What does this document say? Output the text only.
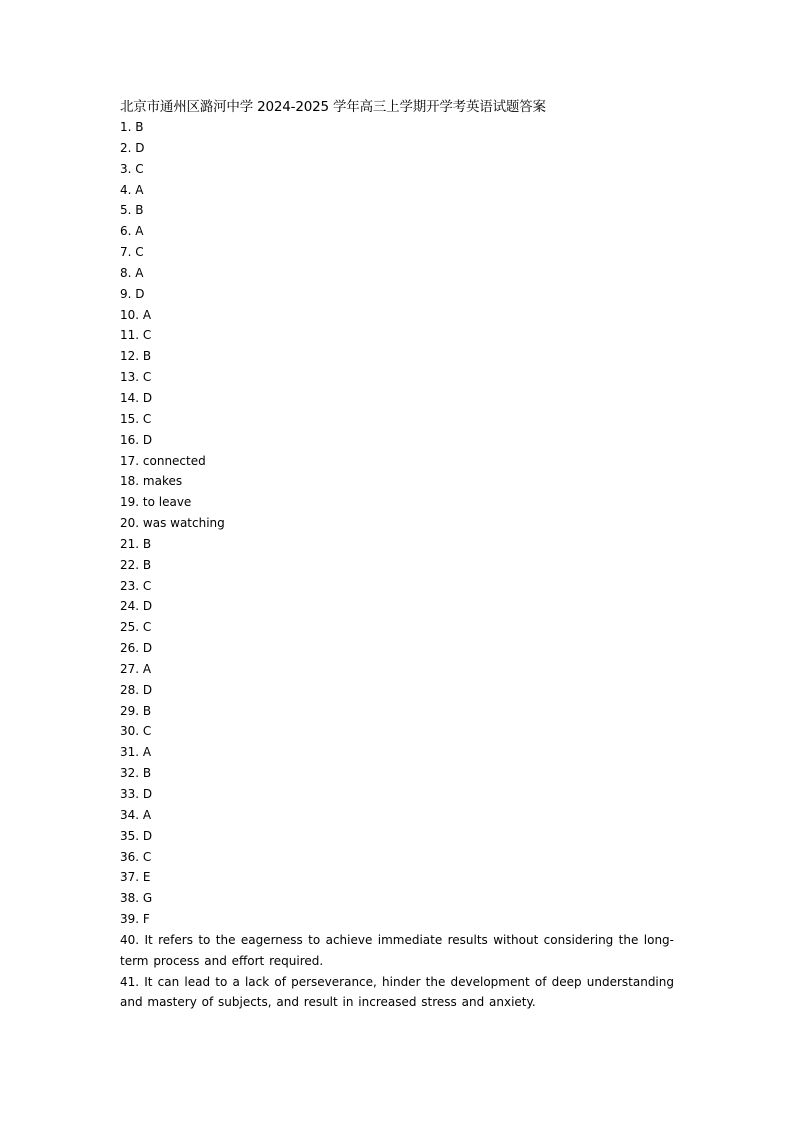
北京市通州区潞河中学 2024-2025 学年高三上学期开学考英语试题答案
1. B
2. D
3. C
4. A
5. B
6. A
7. C
8. A
9. D
10. A
11. C
12. B
13. C
14. D
15. C
16. D
17. connected
18. makes
19. to leave
20. was watching
21. B
22. B
23. C
24. D
25. C
26. D
27. A
28. D
29. B
30. C
31. A
32. B
33. D
34. A
35. D
36. C
37. E
38. G
39. F
40. It refers to the eagerness to achieve immediate results without considering the long-term process and effort required.
41. It can lead to a lack of perseverance, hinder the development of deep understanding and mastery of subjects, and result in increased stress and anxiety.
